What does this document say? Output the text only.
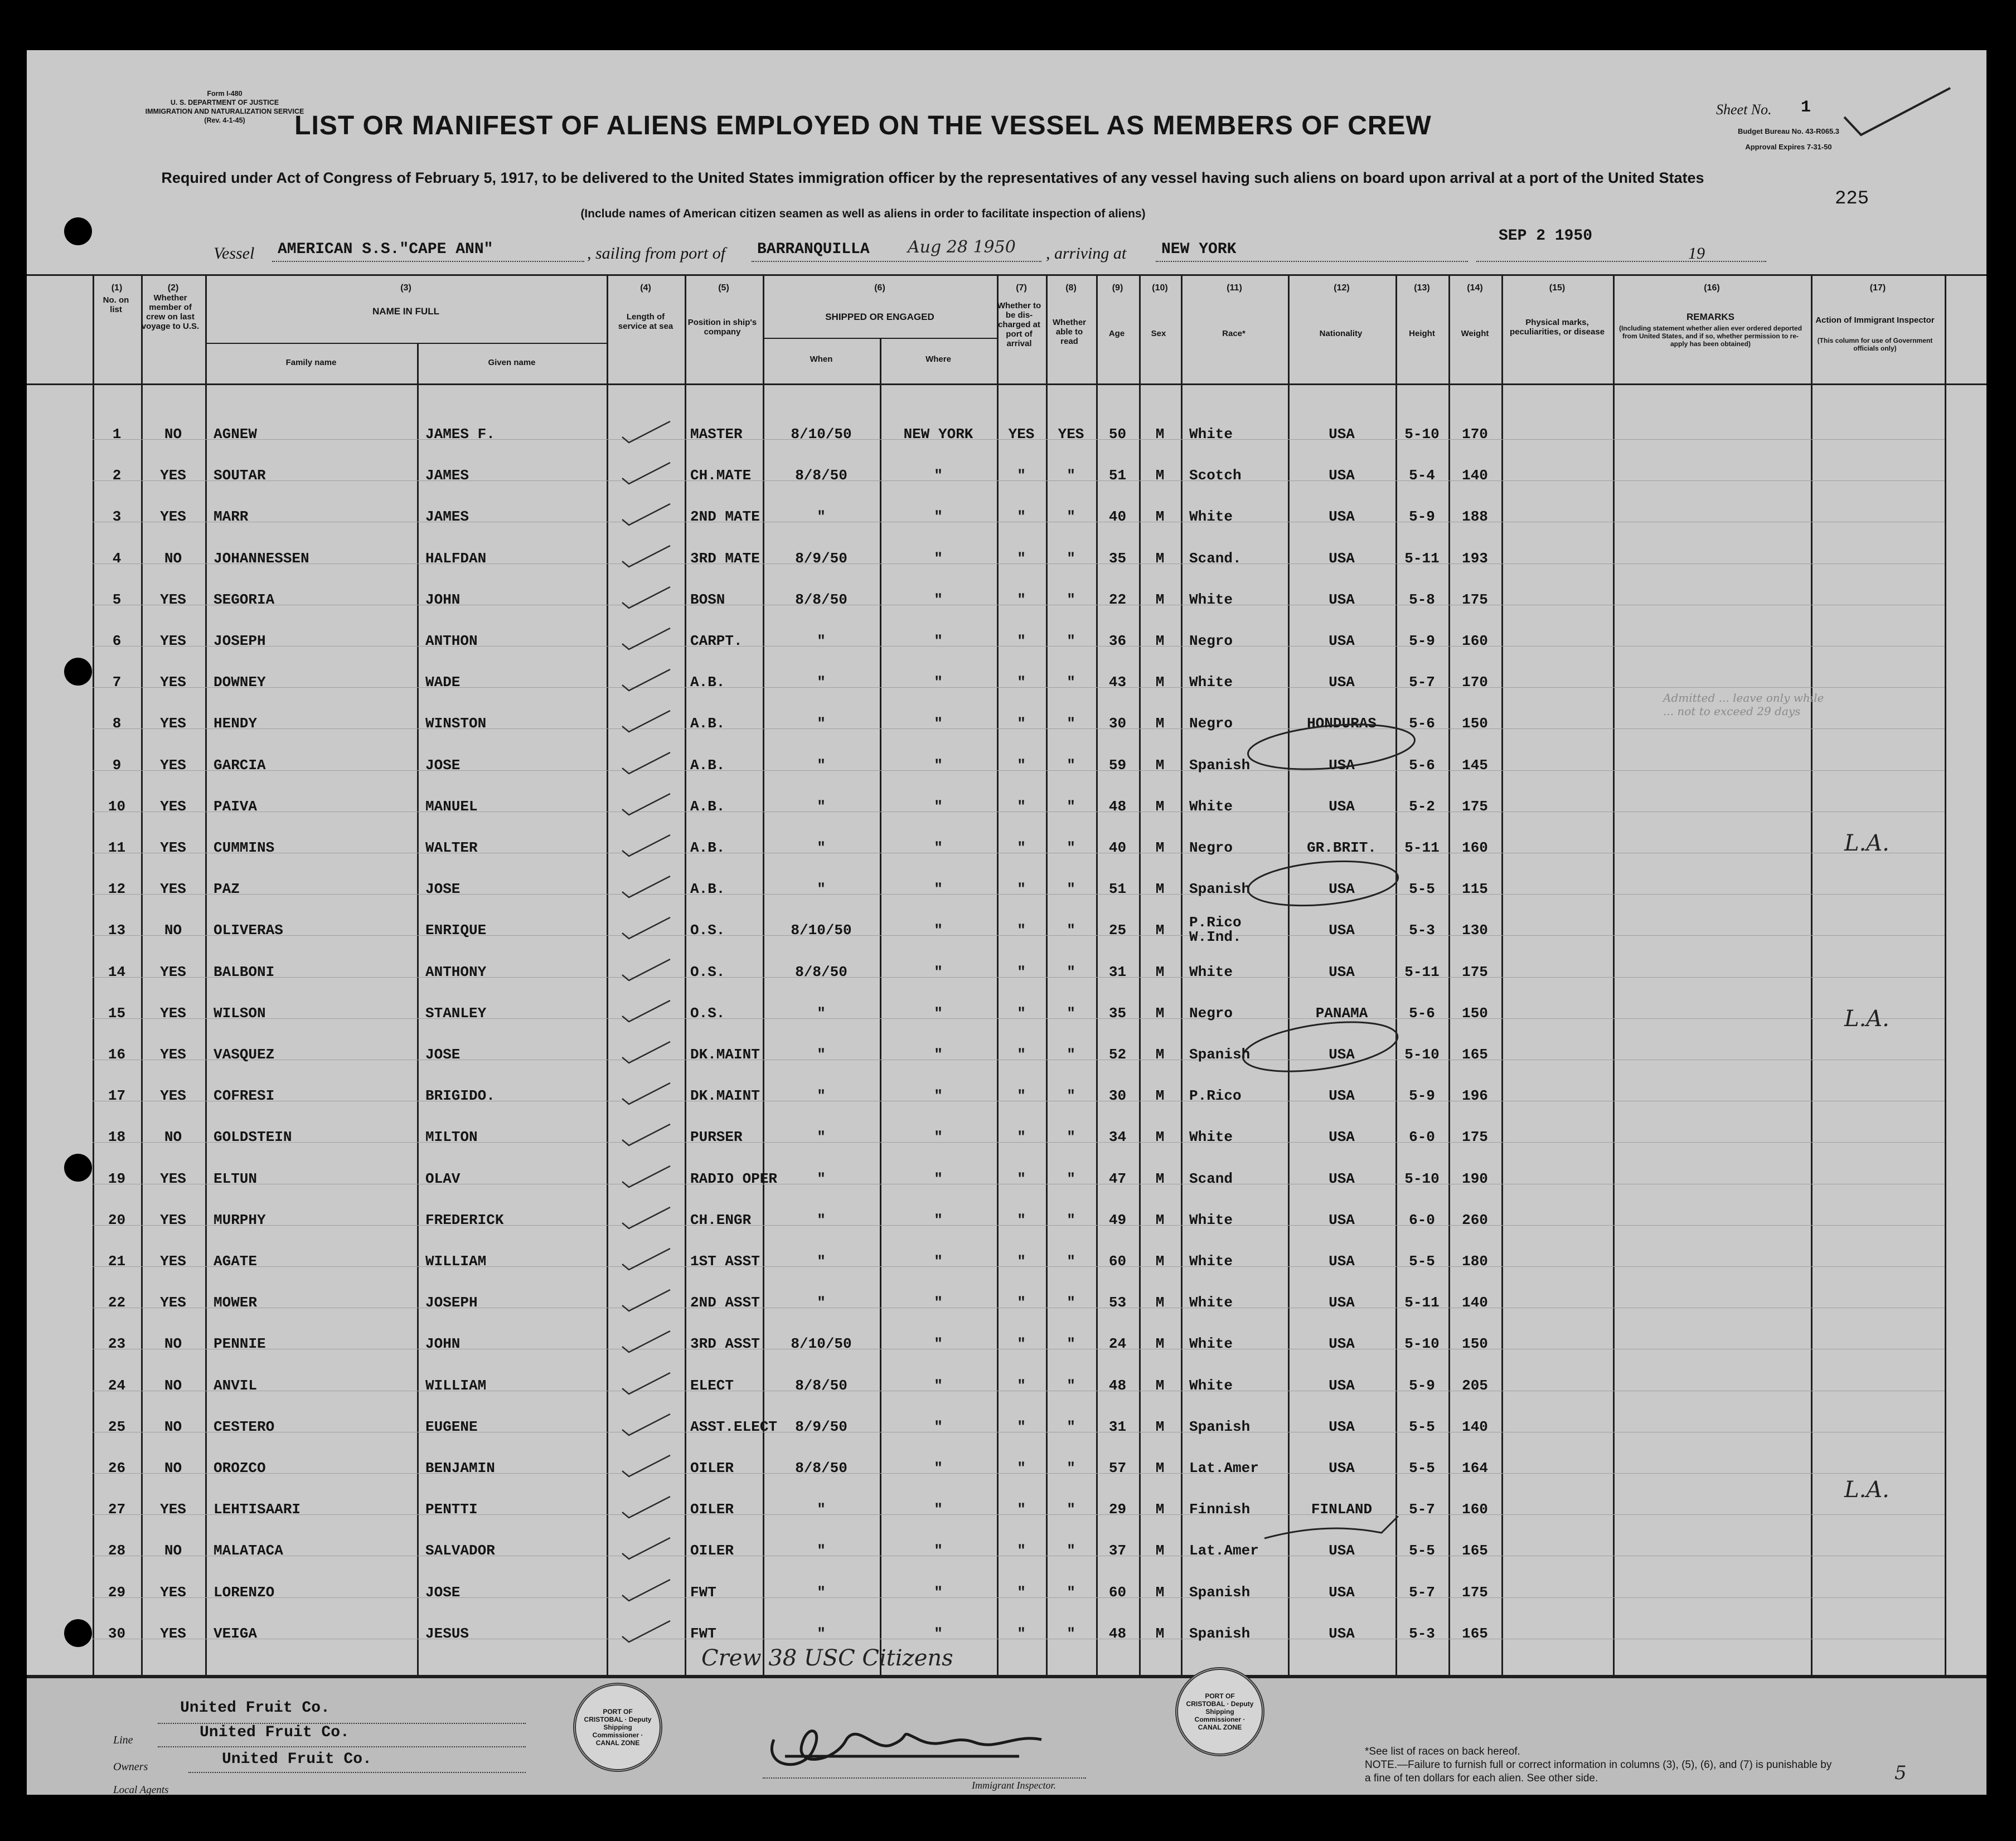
Form I-480
U. S. DEPARTMENT OF JUSTICE
IMMIGRATION AND NATURALIZATION SERVICE
(Rev. 4-1-45)	LIST OR MANIFEST OF ALIENS EMPLOYED ON THE VESSEL AS MEMBERS OF CREW
Required under Act of Congress of February 5, 1917, to be delivered to the United States immigration officer by the representatives of any vessel having such aliens on board upon arrival at a port of the United States
(Include names of American citizen seamen as well as aliens in order to facilitate inspection of aliens)
Sheet No. 1
Budget Bureau No. 43-R065.3
Approval Expires 7-31-50
225
Vessel AMERICAN S.S."CAPE ANN"	, sailing from port of BARRANQUILLA Aug 28 1950 , arriving at NEW YORK
SEP 2 1950
19
(1)	(2)	(3)	(4)	(5)	(6)	(7)	(8)	(9)	(10)	(11)	(12)	(13)	(14)	(15)	(16)	(17)
No. on list
Whether member of crew on last voyage to U.S.
NAME IN FULL
Family name	Given name
Length of service at sea	Position in ship's company
SHIPPED OR ENGAGED
When	Where
Whether to be dis-charged at port of arrival
Whether able to read
Age	Sex	Race*	Nationality	Height	Weight
Physical marks, peculiarities, or disease
REMARKS
(Including statement whether alien ever ordered deported from United States, and if so, whether permission to re-apply has been obtained)
Action of Immigrant Inspector
(This column for use of Government officials only)
1	NO	AGNEW	JAMES F.	MASTER	8/10/50	NEW YORK	YES	YES	50	M	White	USA	5-10	170
2	YES	SOUTAR	JAMES	CH.MATE	8/8/50	"	"	"	51	M	Scotch	USA	5-4	140
3	YES	MARR	JAMES	2ND MATE	"	"	"	"	40	M	White	USA	5-9	188
4	NO	JOHANNESSEN	HALFDAN	3RD MATE	8/9/50	"	"	"	35	M	Scand.	USA	5-11	193
5	YES	SEGORIA	JOHN	BOSN	8/8/50	"	"	"	22	M	White	USA	5-8	175
6	YES	JOSEPH	ANTHON	CARPT.	"	"	"	"	36	M	Negro	USA	5-9	160
7	YES	DOWNEY	WADE	A.B.	"	"	"	"	43	M	White	USA	5-7	170
8	YES	HENDY	WINSTON	A.B.	"	"	"	"	30	M	Negro	HONDURAS	5-6	150
9	YES	GARCIA	JOSE	A.B.	"	"	"	"	59	M	Spanish	USA	5-6	145
10	YES	PAIVA	MANUEL	A.B.	"	"	"	"	48	M	White	USA	5-2	175
11	YES	CUMMINS	WALTER	A.B.	"	"	"	"	40	M	Negro	GR.BRIT.	5-11	160
12	YES	PAZ	JOSE	A.B.	"	"	"	"	51	M	Spanish	USA	5-5	115
13	NO	OLIVERAS	ENRIQUE	O.S.	8/10/50	"	"	"	25	M	P.Rico W.Ind.	USA	5-3	130
14	YES	BALBONI	ANTHONY	O.S.	8/8/50	"	"	"	31	M	White	USA	5-11	175
15	YES	WILSON	STANLEY	O.S.	"	"	"	"	35	M	Negro	PANAMA	5-6	150
16	YES	VASQUEZ	JOSE	DK.MAINT	"	"	"	"	52	M	Spanish	USA	5-10	165
17	YES	COFRESI	BRIGIDO.	DK.MAINT	"	"	"	"	30	M	P.Rico	USA	5-9	196
18	NO	GOLDSTEIN	MILTON	PURSER	"	"	"	"	34	M	White	USA	6-0	175
19	YES	ELTUN	OLAV	RADIO OPER	"	"	"	"	47	M	Scand	USA	5-10	190
20	YES	MURPHY	FREDERICK	CH.ENGR	"	"	"	"	49	M	White	USA	6-0	260
21	YES	AGATE	WILLIAM	1ST ASST	"	"	"	"	60	M	White	USA	5-5	180
22	YES	MOWER	JOSEPH	2ND ASST	"	"	"	"	53	M	White	USA	5-11	140
23	NO	PENNIE	JOHN	3RD ASST	8/10/50	"	"	"	24	M	White	USA	5-10	150
24	NO	ANVIL	WILLIAM	ELECT	8/8/50	"	"	"	48	M	White	USA	5-9	205
25	NO	CESTERO	EUGENE	ASST.ELECT	8/9/50	"	"	"	31	M	Spanish	USA	5-5	140
26	NO	OROZCO	BENJAMIN	OILER	8/8/50	"	"	"	57	M	Lat.Amer	USA	5-5	164
27	YES	LEHTISAARI	PENTTI	OILER	"	"	"	"	29	M	Finnish	FINLAND	5-7	160
28	NO	MALATACA	SALVADOR	OILER	"	"	"	"	37	M	Lat.Amer	USA	5-5	165
29	YES	LORENZO	JOSE	FWT	"	"	"	"	60	M	Spanish	USA	5-7	175
30	YES	VEIGA	JESUS	FWT	"	"	"	"	48	M	Spanish	USA	5-3	165
Admitted ... leave only while ... not to exceed 29 days
L.A.
L.A.
L.A.
Crew 38 USC Citizens
Line
United Fruit Co.
Owners
United Fruit Co.
Local Agents
United Fruit Co.
PORT OF CRISTOBAL · Deputy Shipping Commissioner · CANAL ZONE
PORT OF CRISTOBAL · Deputy Shipping Commissioner · CANAL ZONE
Immigrant Inspector.
*See list of races on back hereof.
NOTE.—Failure to furnish full or correct information in columns (3), (5), (6), and (7) is punishable by a fine of ten dollars for each alien. See other side.	5
